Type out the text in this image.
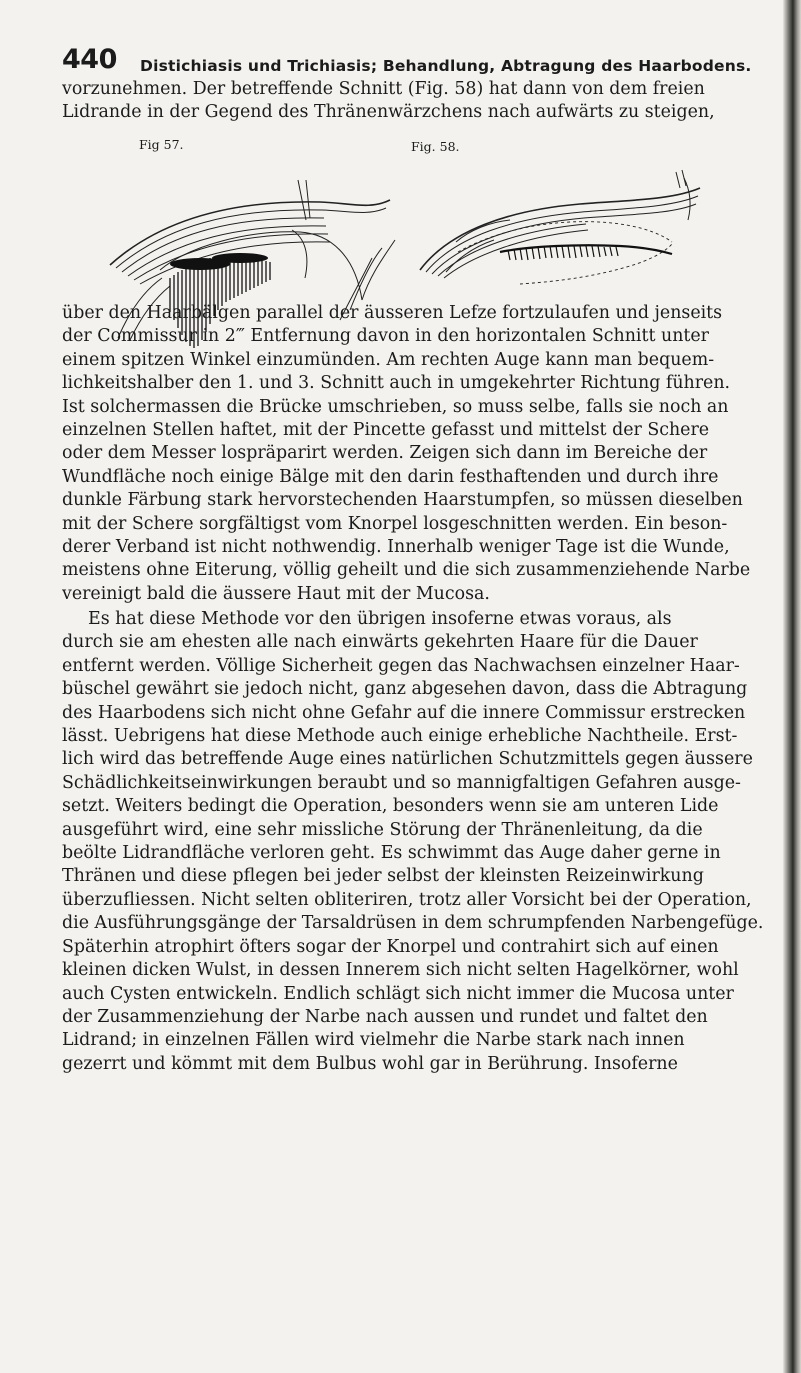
440 Distichiasis und Trichiasis; Behandlung, Abtragung des Haarbodens.
vorzunehmen. Der betreffende Schnitt (Fig. 58) hat dann von dem freien
Lidrande in der Gegend des Thränenwärzchens nach aufwärts zu steigen,
Fig 57.	Fig. 58.
über den Haarbälgen parallel der äusseren Lefze fortzulaufen und jenseits
der Commissur in 2‴ Entfernung davon in den horizontalen Schnitt unter
einem spitzen Winkel einzumünden. Am rechten Auge kann man bequem-
lichkeitshalber den 1. und 3. Schnitt auch in umgekehrter Richtung führen.
Ist solchermassen die Brücke umschrieben, so muss selbe, falls sie noch an
einzelnen Stellen haftet, mit der Pincette gefasst und mittelst der Schere
oder dem Messer lospräparirt werden. Zeigen sich dann im Bereiche der
Wundfläche noch einige Bälge mit den darin festhaftenden und durch ihre
dunkle Färbung stark hervorstechenden Haarstumpfen, so müssen dieselben
mit der Schere sorgfältigst vom Knorpel losgeschnitten werden. Ein beson-
derer Verband ist nicht nothwendig. Innerhalb weniger Tage ist die Wunde,
meistens ohne Eiterung, völlig geheilt und die sich zusammenziehende Narbe
vereinigt bald die äussere Haut mit der Mucosa.
Es hat diese Methode vor den übrigen insoferne etwas voraus, als
durch sie am ehesten alle nach einwärts gekehrten Haare für die Dauer
entfernt werden. Völlige Sicherheit gegen das Nachwachsen einzelner Haar-
büschel gewährt sie jedoch nicht, ganz abgesehen davon, dass die Abtragung
des Haarbodens sich nicht ohne Gefahr auf die innere Commissur erstrecken
lässt. Uebrigens hat diese Methode auch einige erhebliche Nachtheile. Erst-
lich wird das betreffende Auge eines natürlichen Schutzmittels gegen äussere
Schädlichkeitseinwirkungen beraubt und so mannigfaltigen Gefahren ausge-
setzt. Weiters bedingt die Operation, besonders wenn sie am unteren Lide
ausgeführt wird, eine sehr missliche Störung der Thränenleitung, da die
beölte Lidrandfläche verloren geht. Es schwimmt das Auge daher gerne in
Thränen und diese pflegen bei jeder selbst der kleinsten Reizeinwirkung
überzufliessen. Nicht selten obliteriren, trotz aller Vorsicht bei der Operation,
die Ausführungsgänge der Tarsaldrüsen in dem schrumpfenden Narbengefüge.
Späterhin atrophirt öfters sogar der Knorpel und contrahirt sich auf einen
kleinen dicken Wulst, in dessen Innerem sich nicht selten Hagelkörner, wohl
auch Cysten entwickeln. Endlich schlägt sich nicht immer die Mucosa unter
der Zusammenziehung der Narbe nach aussen und rundet und faltet den
Lidrand; in einzelnen Fällen wird vielmehr die Narbe stark nach innen
gezerrt und kömmt mit dem Bulbus wohl gar in Berührung. Insoferne
